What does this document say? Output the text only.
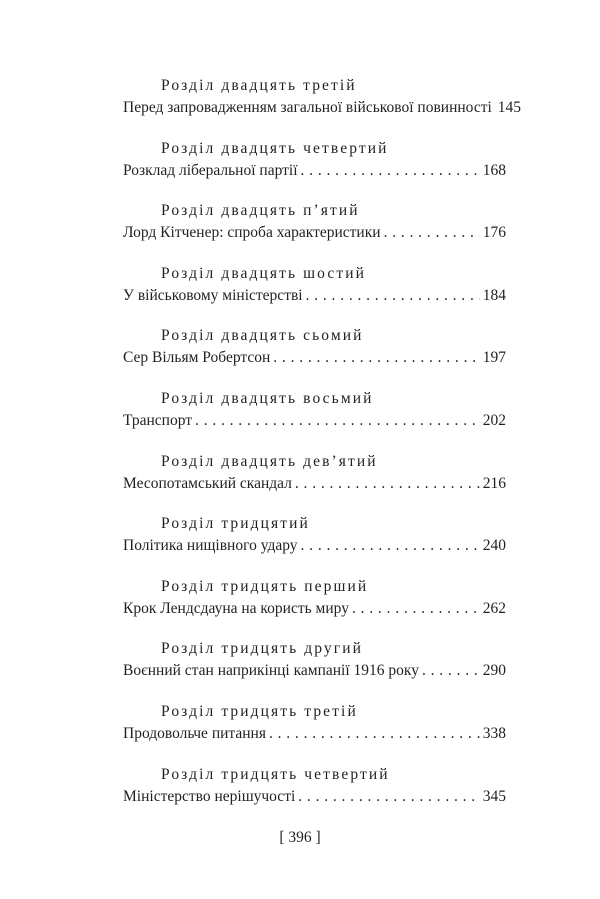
Розділ двадцять третій
Перед запровадженням загальної військової повинності 145
Розділ двадцять четвертий
Розклад ліберальної партії . . .	168
Розділ двадцять п’ятий
Лорд Кітченер: спроба характеристики . . .	176
Розділ двадцять шостий
У військовому міністерстві . . .	184
Розділ двадцять сьомий
Сер Вільям Робертсон . . .	197
Розділ двадцять восьмий
Транспорт . . .	202
Розділ двадцять дев’ятий
Месопотамський скандал . . .	216
Розділ тридцятий
Політика нищівного удару . . .	240
Розділ тридцять перший
Крок Лендсдауна на користь миру . . .	262
Розділ тридцять другий
Воєнний стан наприкінці кампанії 1916 року . . .	290
Розділ тридцять третій
Продовольче питання . . .	338
Розділ тридцять четвертий
Міністерство нерішучості . . .	345
[ 396 ]
